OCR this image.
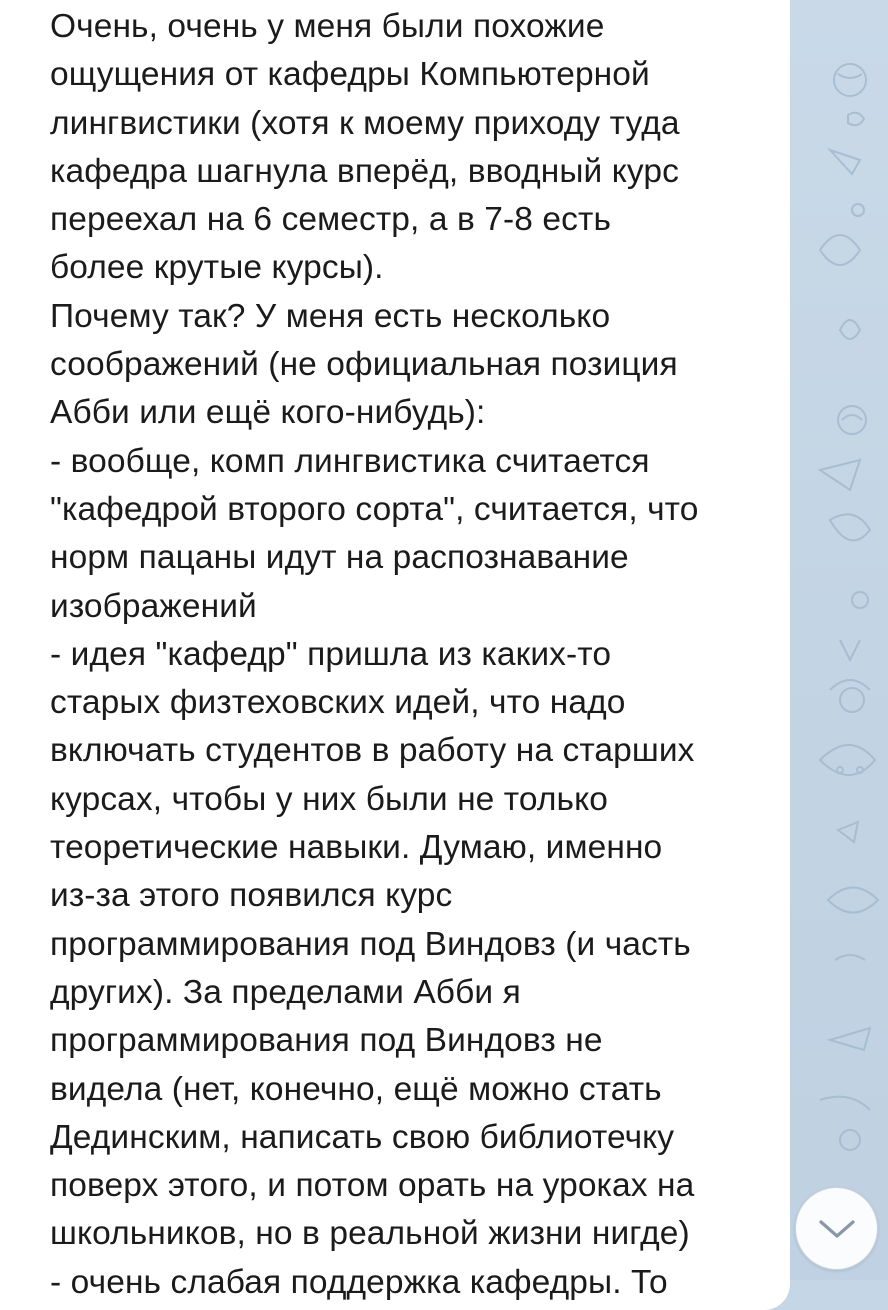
Очень, очень у меня были похожие
ощущения от кафедры Компьютерной
лингвистики (хотя к моему приходу туда
кафедра шагнула вперёд, вводный курс
переехал на 6 семестр, а в 7-8 есть
более крутые курсы).
Почему так? У меня есть несколько
соображений (не официальная позиция
Абби или ещё кого-нибудь):
- вообще, комп лингвистика считается
"кафедрой второго сорта", считается, что
норм пацаны идут на распознавание
изображений
- идея "кафедр" пришла из каких-то
старых физтеховских идей, что надо
включать студентов в работу на старших
курсах, чтобы у них были не только
теоретические навыки. Думаю, именно
из-за этого появился курс
программирования под Виндовз (и часть
других). За пределами Абби я
программирования под Виндовз не
видела (нет, конечно, ещё можно стать
Дединским, написать свою библиотечку
поверх этого, и потом орать на уроках на
школьников, но в реальной жизни нигде)
- очень слабая поддержка кафедры. То
